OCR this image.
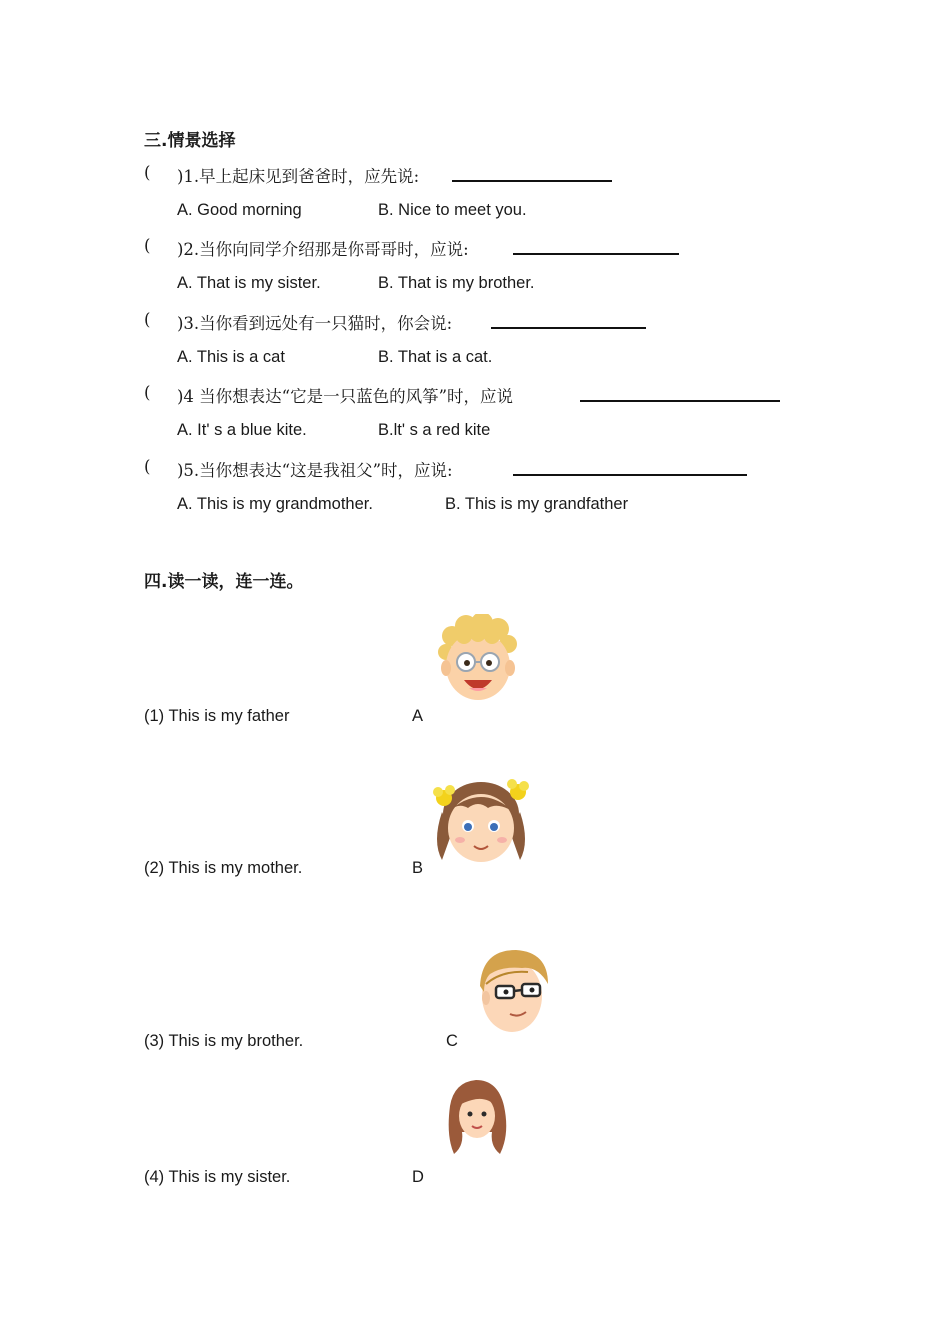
三.情景选择
( )1.早上起床见到爸爸时，应先说:
A. Good morning	B. Nice to meet you.
( )2.当你向同学介绍那是你哥哥时，应说:
A. That is my sister.	B. That is my brother.
( )3.当你看到远处有一只猫时，你会说:
A. This is a cat	B. That is a cat.
( )4 当你想表达“它是一只蓝色的风筝”时，应说
A. It' s a blue kite.	B.lt' s a red kite
( )5.当你想表达“这是我祖父”时，应说:
A. This is my grandmother.	B. This is my grandfather
四.读一读，连一连。
(1) This is my father	A
(2) This is my mother.	B
(3) This is my brother.	C
(4) This is my sister.	D
